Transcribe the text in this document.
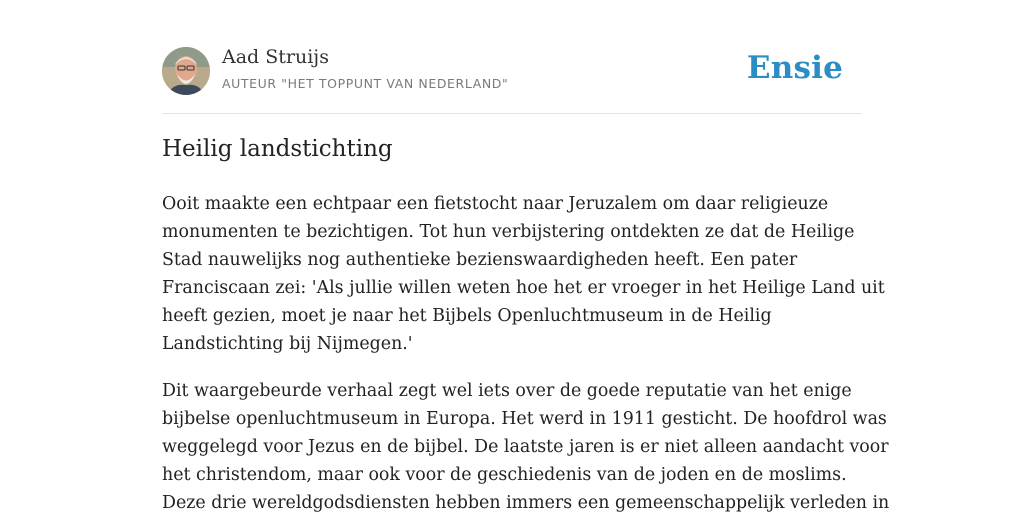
Aad Struijs
AUTEUR "HET TOPPUNT VAN NEDERLAND"	Ensie
Heilig landstichting

Ooit maakte een echtpaar een fietstocht naar Jeruzalem om daar religieuze
monumenten te bezichtigen. Tot hun verbijstering ontdekten ze dat de Heilige
Stad nauwelijks nog authentieke bezienswaardigheden heeft. Een pater
Franciscaan zei: 'Als jullie willen weten hoe het er vroeger in het Heilige Land uit
heeft gezien, moet je naar het Bijbels Openluchtmuseum in de Heilig
Landstichting bij Nijmegen.'

Dit waargebeurde verhaal zegt wel iets over de goede reputatie van het enige
bijbelse openluchtmuseum in Europa. Het werd in 1911 gesticht. De hoofdrol was
weggelegd voor Jezus en de bijbel. De laatste jaren is er niet alleen aandacht voor
het christendom, maar ook voor de geschiedenis van de joden en de moslims.
Deze drie wereldgodsdiensten hebben immers een gemeenschappelijk verleden in
